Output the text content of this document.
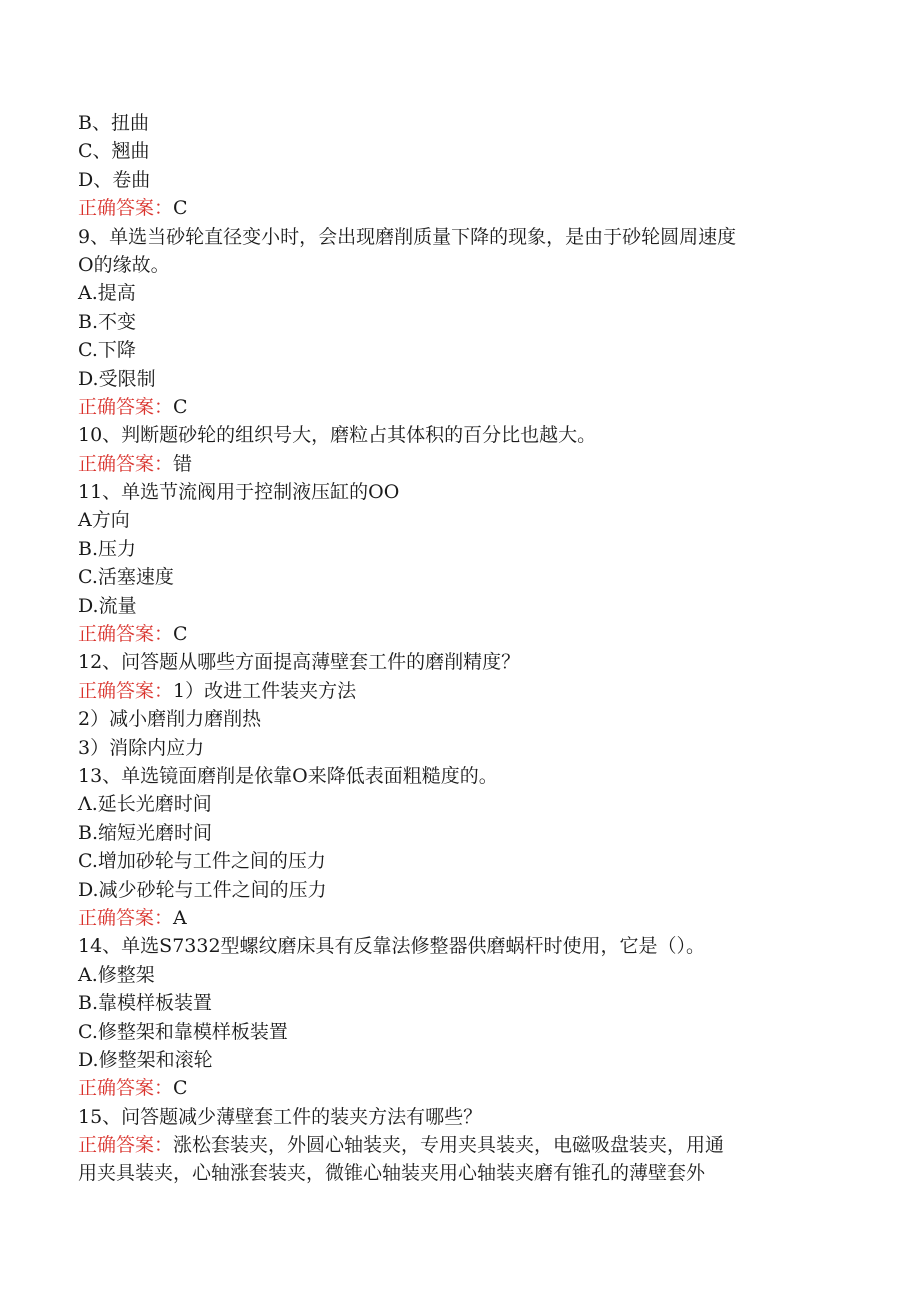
B、扭曲
C、翘曲
D、卷曲
正确答案：C
9、单选当砂轮直径变小时，会出现磨削质量下降的现象，是由于砂轮圆周速度
O的缘故。
A.提高
B.不变
C.下降
D.受限制
正确答案：C
10、判断题砂轮的组织号大，磨粒占其体积的百分比也越大。
正确答案：错
11、单选节流阀用于控制液压缸的OO
A方向
B.压力
C.活塞速度
D.流量
正确答案：C
12、问答题从哪些方面提高薄壁套工件的磨削精度？
正确答案：1）改进工件装夹方法
2）减小磨削力磨削热
3）消除内应力
13、单选镜面磨削是依靠O来降低表面粗糙度的。
Λ.延长光磨时间
B.缩短光磨时间
C.增加砂轮与工件之间的压力
D.减少砂轮与工件之间的压力
正确答案：A
14、单选S7332型螺纹磨床具有反靠法修整器供磨蜗杆时使用，它是（）。
A.修整架
B.靠模样板装置
C.修整架和靠模样板装置
D.修整架和滚轮
正确答案：C
15、问答题减少薄壁套工件的装夹方法有哪些？
正确答案：涨松套装夹，外圆心轴装夹，专用夹具装夹，电磁吸盘装夹，用通
用夹具装夹，心轴涨套装夹，微锥心轴装夹用心轴装夹磨有锥孔的薄壁套外
